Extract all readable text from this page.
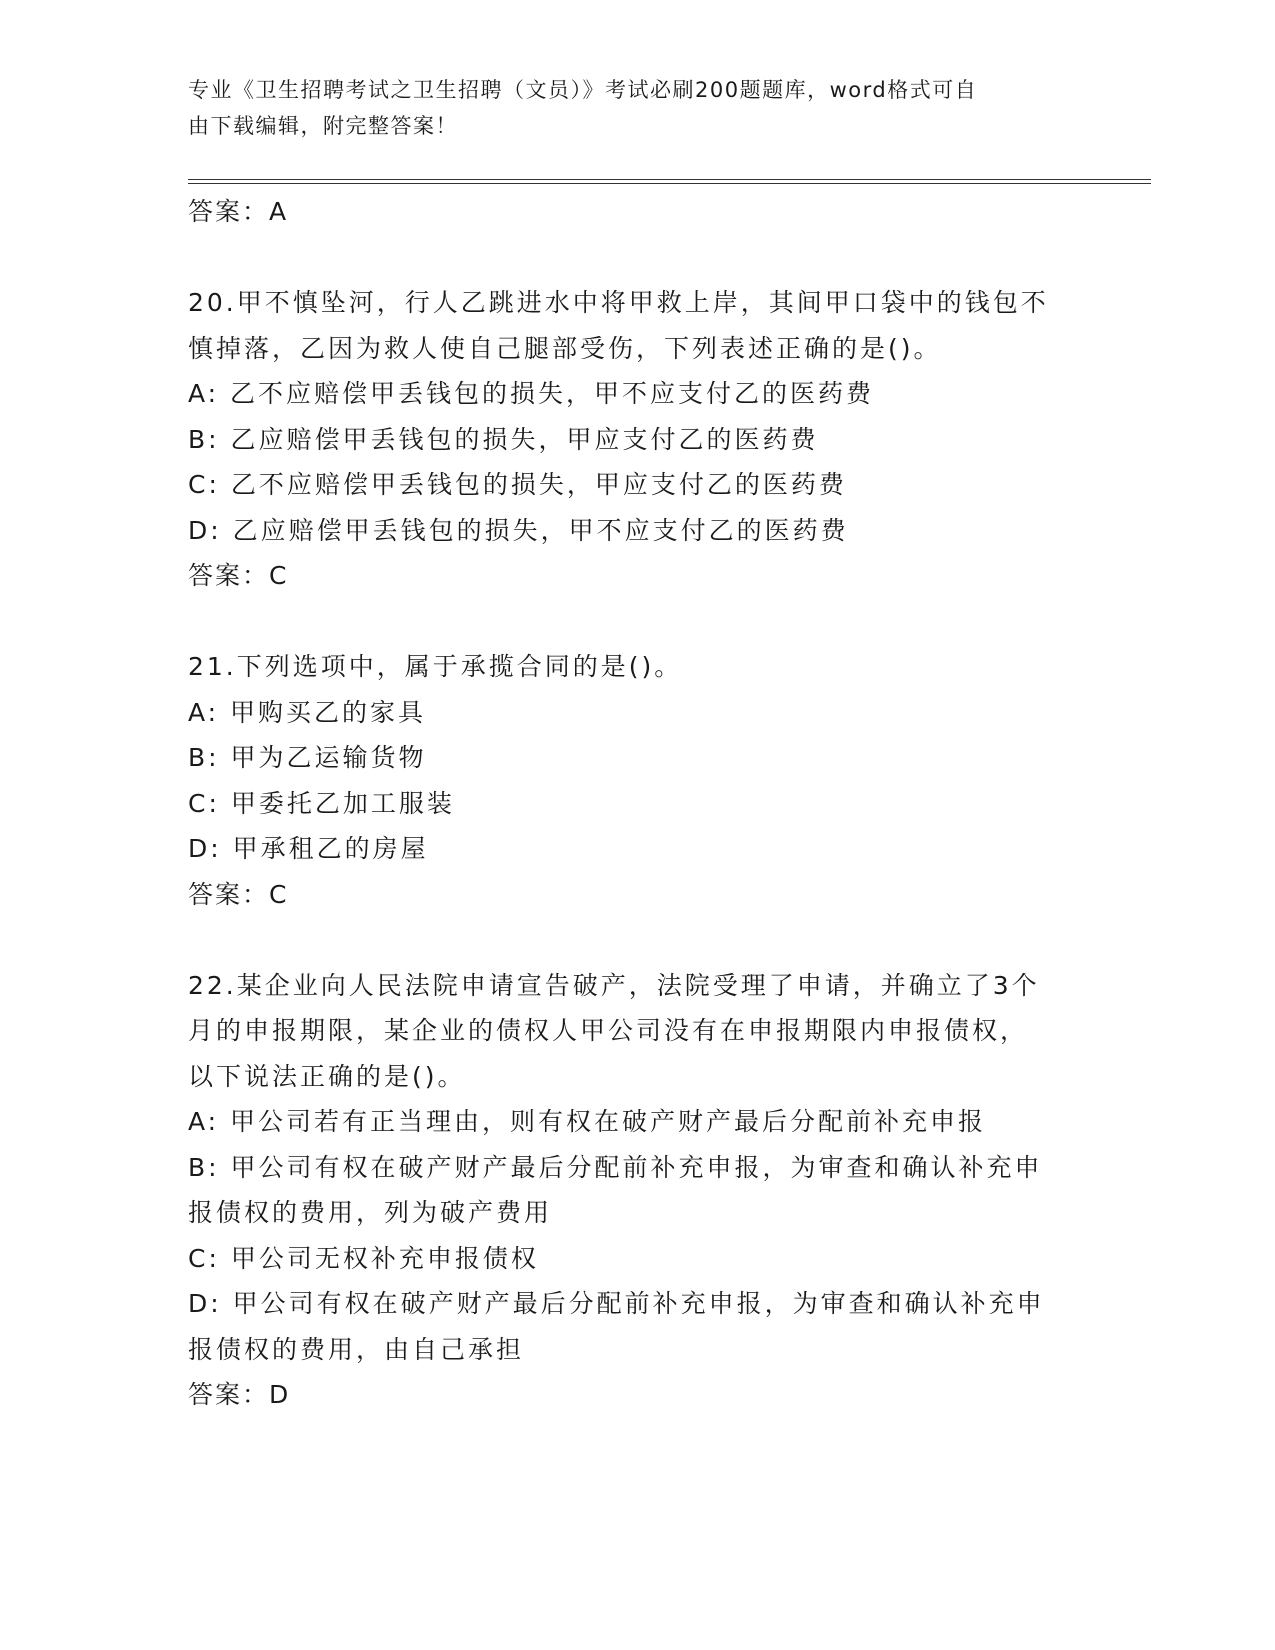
专业《卫生招聘考试之卫生招聘（文员）》考试必刷200题题库，word格式可自
由下载编辑，附完整答案！
答案：A
20.甲不慎坠河，行人乙跳进水中将甲救上岸，其间甲口袋中的钱包不
慎掉落，乙因为救人使自己腿部受伤，下列表述正确的是()。
A: 乙不应赔偿甲丢钱包的损失，甲不应支付乙的医药费
B: 乙应赔偿甲丢钱包的损失，甲应支付乙的医药费
C: 乙不应赔偿甲丢钱包的损失，甲应支付乙的医药费
D: 乙应赔偿甲丢钱包的损失，甲不应支付乙的医药费
答案：C
21.下列选项中，属于承揽合同的是()。
A: 甲购买乙的家具
B: 甲为乙运输货物
C: 甲委托乙加工服装
D: 甲承租乙的房屋
答案：C
22.某企业向人民法院申请宣告破产，法院受理了申请，并确立了3个
月的申报期限，某企业的债权人甲公司没有在申报期限内申报债权，
以下说法正确的是()。
A: 甲公司若有正当理由，则有权在破产财产最后分配前补充申报
B: 甲公司有权在破产财产最后分配前补充申报，为审查和确认补充申
报债权的费用，列为破产费用
C: 甲公司无权补充申报债权
D: 甲公司有权在破产财产最后分配前补充申报，为审查和确认补充申
报债权的费用，由自己承担
答案：D
